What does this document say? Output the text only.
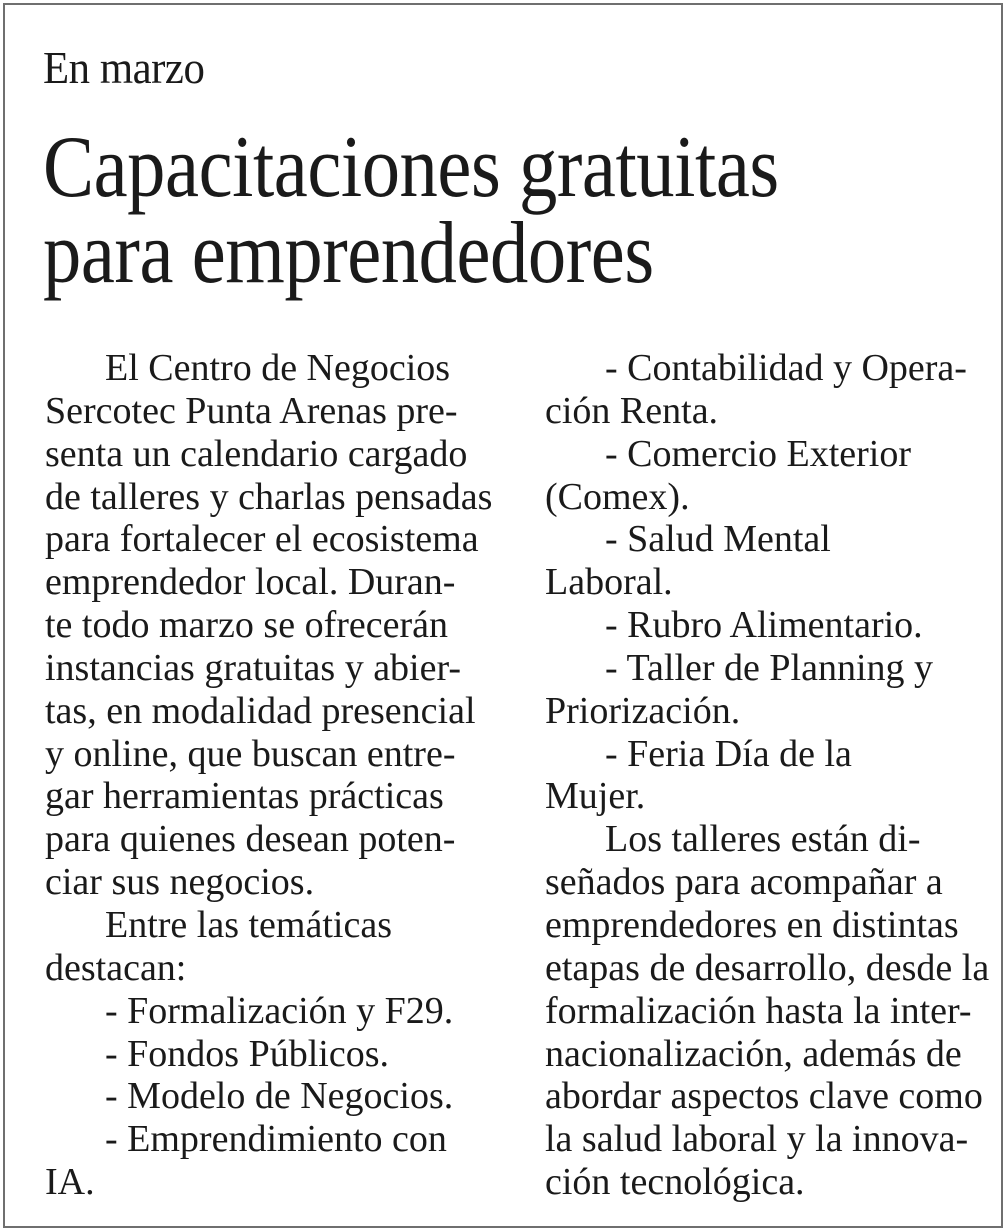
En marzo
Capacitaciones gratuitas
para emprendedores
El Centro de Negocios
Sercotec Punta Arenas pre-
senta un calendario cargado
de talleres y charlas pensadas
para fortalecer el ecosistema
emprendedor local. Duran-
te todo marzo se ofrecerán
instancias gratuitas y abier-
tas, en modalidad presencial
y online, que buscan entre-
gar herramientas prácticas
para quienes desean poten-
ciar sus negocios.
Entre las temáticas
destacan:
- Formalización y F29.
- Fondos Públicos.
- Modelo de Negocios.
- Emprendimiento con
IA.
- Contabilidad y Opera-
ción Renta.
- Comercio Exterior
(Comex).
- Salud Mental
Laboral.
- Rubro Alimentario.
- Taller de Planning y
Priorización.
- Feria Día de la
Mujer.
Los talleres están di-
señados para acompañar a
emprendedores en distintas
etapas de desarrollo, desde la
formalización hasta la inter-
nacionalización, además de
abordar aspectos clave como
la salud laboral y la innova-
ción tecnológica.
